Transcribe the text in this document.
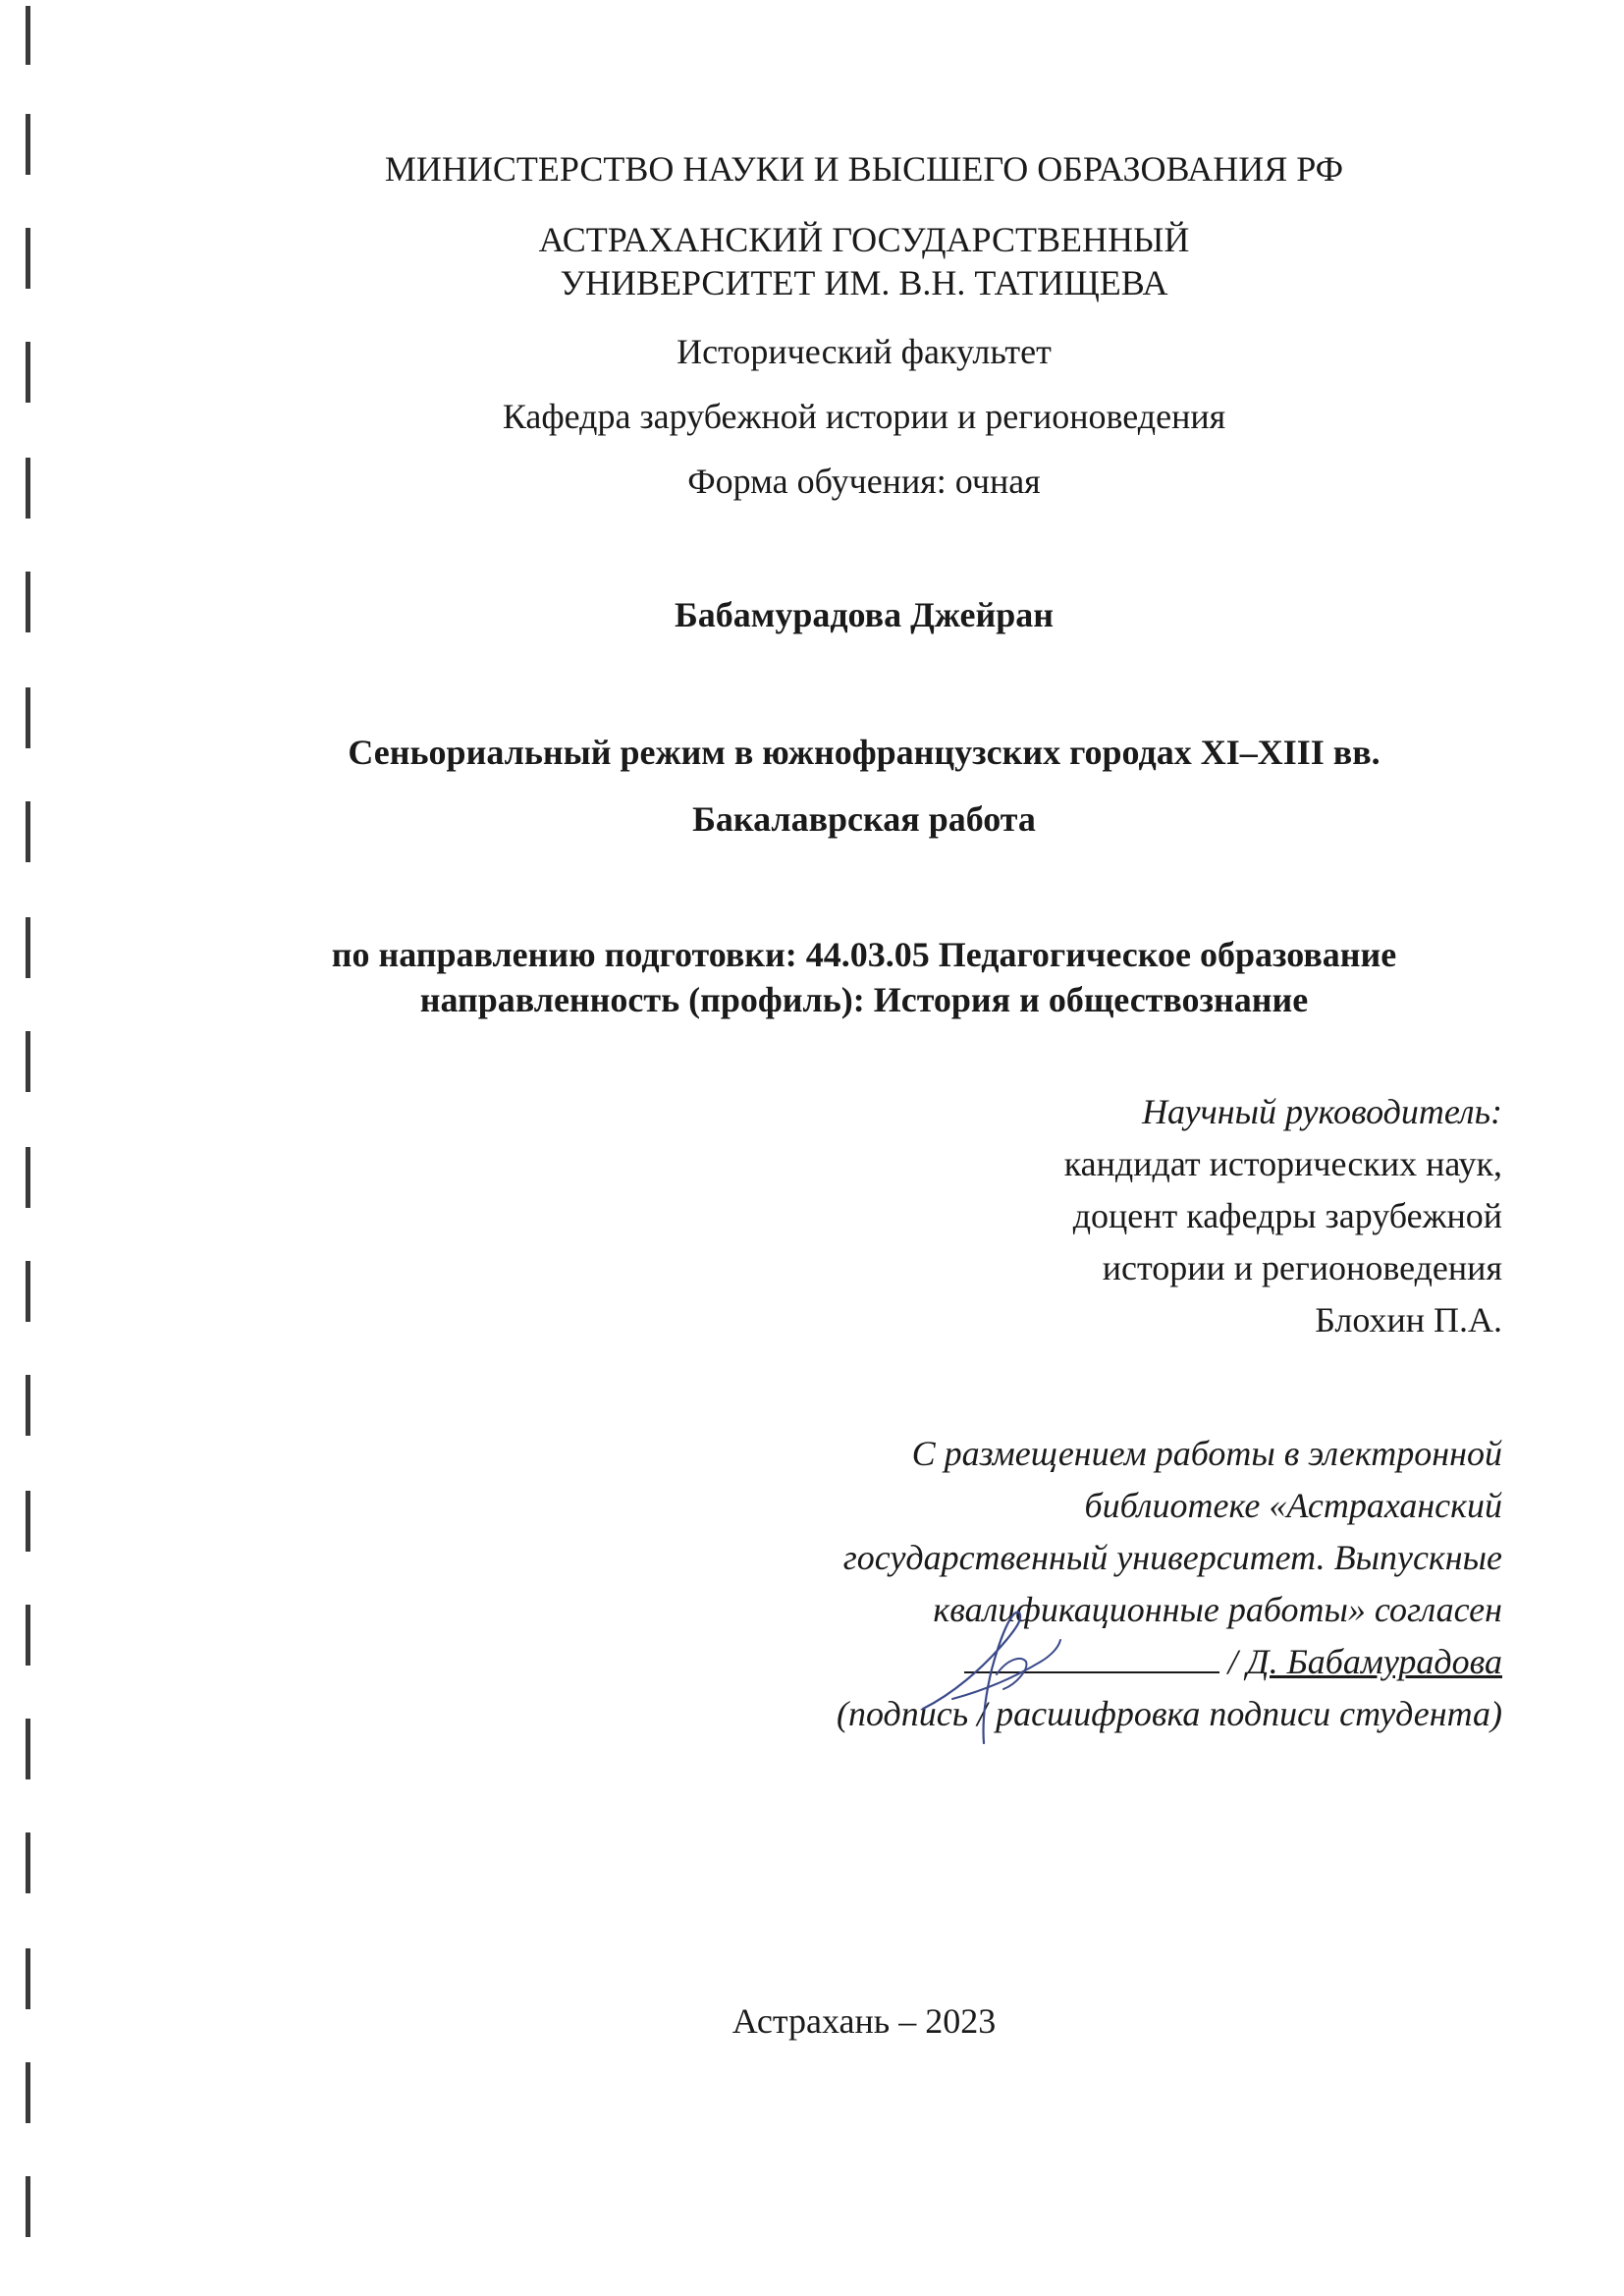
МИНИСТЕРСТВО НАУКИ И ВЫСШЕГО ОБРАЗОВАНИЯ РФ
АСТРАХАНСКИЙ ГОСУДАРСТВЕННЫЙ
УНИВЕРСИТЕТ ИМ. В.Н. ТАТИЩЕВА
Исторический факультет
Кафедра зарубежной истории и регионоведения
Форма обучения: очная
Бабамурадова Джейран
Сеньориальный режим в южнофранцузских городах XI–XIII вв.
Бакалаврская работа
по направлению подготовки: 44.03.05 Педагогическое образование
направленность (профиль): История и обществознание
Научный руководитель:
кандидат исторических наук,
доцент кафедры зарубежной
истории и регионоведения
Блохин П.А.
С размещением работы в электронной
библиотеке «Астраханский
государственный университет. Выпускные
квалификационные работы» согласен
/ Д. Бабамурадова
(подпись / расшифровка подписи студента)
Астрахань – 2023
